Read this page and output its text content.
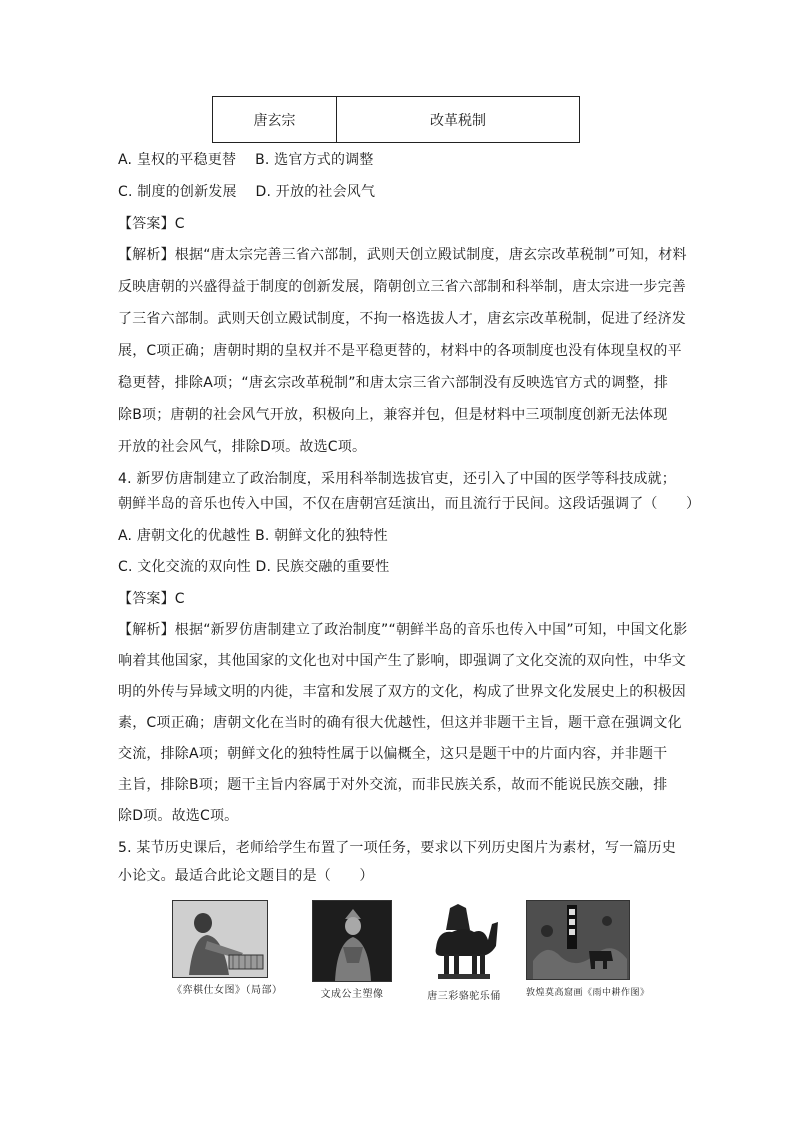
唐玄宗	改革税制
A. 皇权的平稳更替　 B. 选官方式的调整
C. 制度的创新发展　 D. 开放的社会风气
【答案】C
【解析】根据“唐太宗完善三省六部制，武则天创立殿试制度，唐玄宗改革税制”可知，材料
反映唐朝的兴盛得益于制度的创新发展，隋朝创立三省六部制和科举制，唐太宗进一步完善
了三省六部制。武则天创立殿试制度，不拘一格选拔人才，唐玄宗改革税制，促进了经济发
展，C项正确；唐朝时期的皇权并不是平稳更替的，材料中的各项制度也没有体现皇权的平
稳更替，排除A项；“唐玄宗改革税制”和唐太宗三省六部制没有反映选官方式的调整，排
除B项；唐朝的社会风气开放，积极向上，兼容并包，但是材料中三项制度创新无法体现
开放的社会风气，排除D项。故选C项。
4. 新罗仿唐制建立了政治制度，采用科举制选拔官吏，还引入了中国的医学等科技成就；
朝鲜半岛的音乐也传入中国，不仅在唐朝宫廷演出，而且流行于民间。这段话强调了（　　）
A. 唐朝文化的优越性 B. 朝鲜文化的独特性
C. 文化交流的双向性 D. 民族交融的重要性
【答案】C
【解析】根据“新罗仿唐制建立了政治制度”“朝鲜半岛的音乐也传入中国”可知，中国文化影
响着其他国家，其他国家的文化也对中国产生了影响，即强调了文化交流的双向性，中华文
明的外传与异域文明的内徙，丰富和发展了双方的文化，构成了世界文化发展史上的积极因
素，C项正确；唐朝文化在当时的确有很大优越性，但这并非题干主旨，题干意在强调文化
交流，排除A项；朝鲜文化的独特性属于以偏概全，这只是题干中的片面内容，并非题干
主旨，排除B项；题干主旨内容属于对外交流，而非民族关系，故而不能说民族交融，排
除D项。故选C项。
5. 某节历史课后，老师给学生布置了一项任务，要求以下列历史图片为素材，写一篇历史
小论文。最适合此论文题目的是（　　）
《弈棋仕女图》（局部）	文成公主塑像	唐三彩骆驼乐俑	敦煌莫高窟画《雨中耕作图》
